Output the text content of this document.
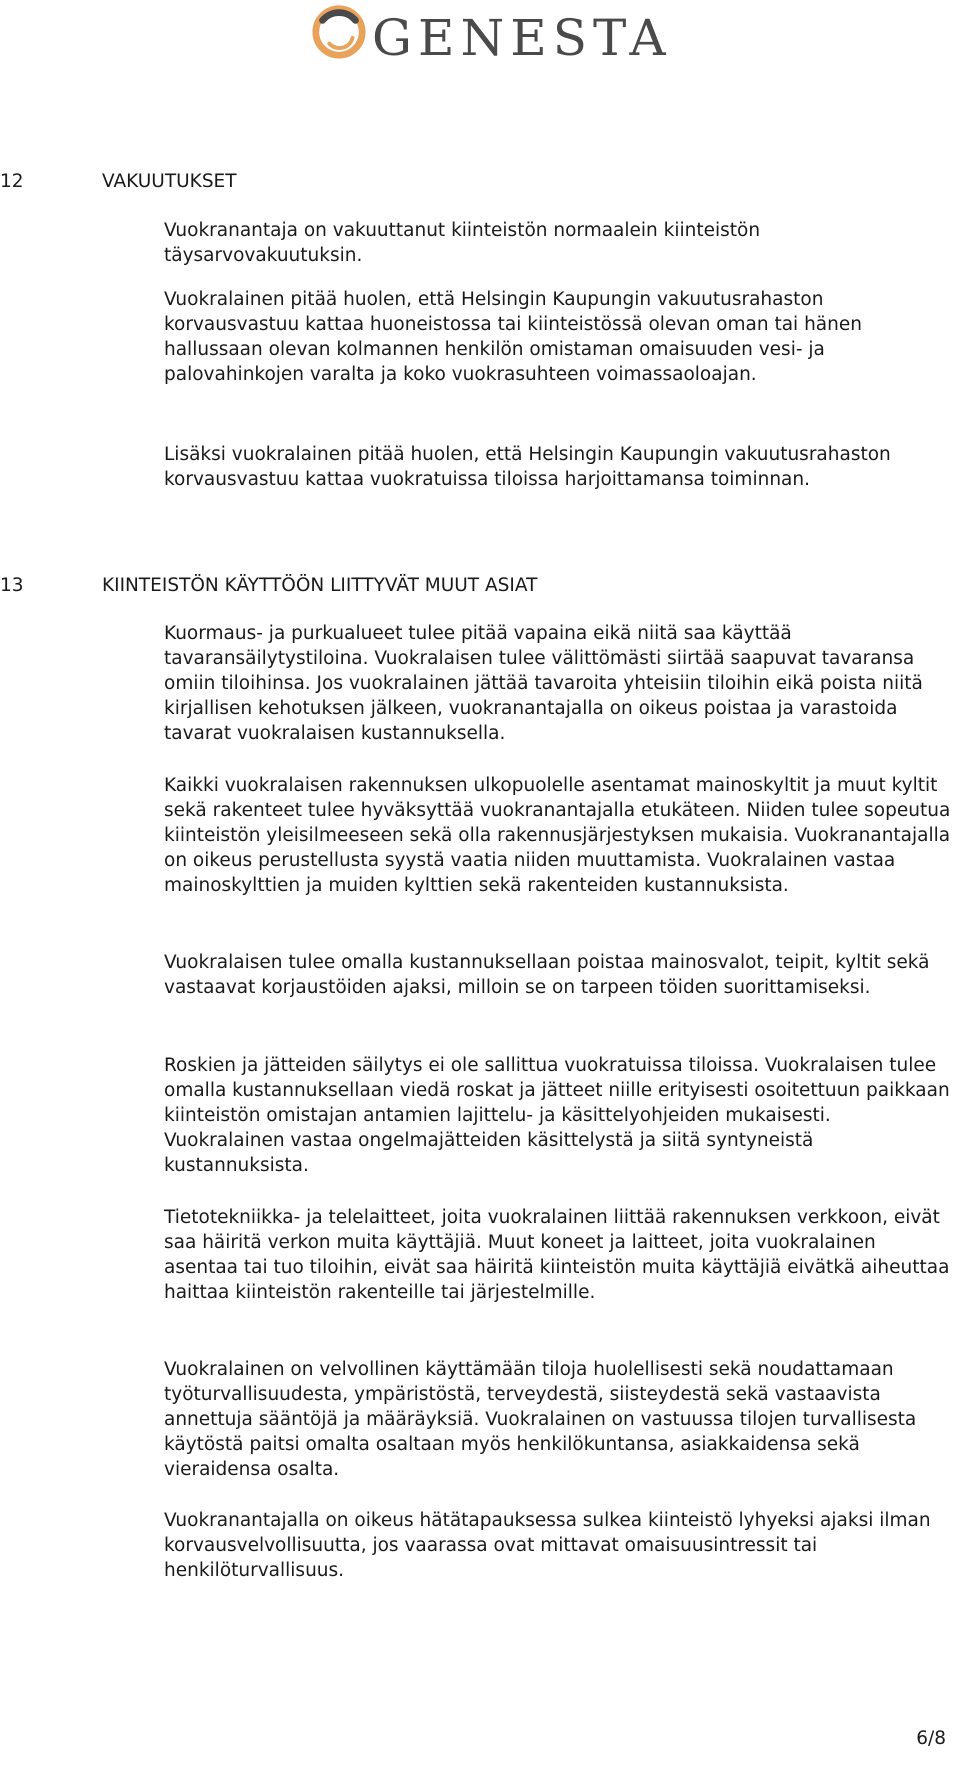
GENESTA
12	VAKUUTUKSET

Vuokranantaja on vakuuttanut kiinteistön normaalein kiinteistön täysarvovakuutuksin.

Vuokralainen pitää huolen, että Helsingin Kaupungin vakuutusrahaston korvausvastuu kattaa huoneistossa tai kiinteistössä olevan oman tai hänen hallussaan olevan kolmannen henkilön omistaman omaisuuden vesi- ja palovahinkojen varalta ja koko vuokrasuhteen voimassaoloajan.

Lisäksi vuokralainen pitää huolen, että Helsingin Kaupungin vakuutusrahaston korvausvastuu kattaa vuokratuissa tiloissa harjoittamansa toiminnan.

13	KIINTEISTÖN KÄYTTÖÖN LIITTYVÄT MUUT ASIAT

Kuormaus- ja purkualueet tulee pitää vapaina eikä niitä saa käyttää tavaransäilytystiloina. Vuokralaisen tulee välittömästi siirtää saapuvat tavaransa omiin tiloihinsa. Jos vuokralainen jättää tavaroita yhteisiin tiloihin eikä poista niitä kirjallisen kehotuksen jälkeen, vuokranantajalla on oikeus poistaa ja varastoida tavarat vuokralaisen kustannuksella.

Kaikki vuokralaisen rakennuksen ulkopuolelle asentamat mainoskyltit ja muut kyltit sekä rakenteet tulee hyväksyttää vuokranantajalla etukäteen. Niiden tulee sopeutua kiinteistön yleisilmeeseen sekä olla rakennusjärjestyksen mukaisia. Vuokranantajalla on oikeus perustellusta syystä vaatia niiden muuttamista. Vuokralainen vastaa mainoskylttien ja muiden kylttien sekä rakenteiden kustannuksista.

Vuokralaisen tulee omalla kustannuksellaan poistaa mainosvalot, teipit, kyltit sekä vastaavat korjaustöiden ajaksi, milloin se on tarpeen töiden suorittamiseksi.

Roskien ja jätteiden säilytys ei ole sallittua vuokratuissa tiloissa. Vuokralaisen tulee omalla kustannuksellaan viedä roskat ja jätteet niille erityisesti osoitettuun paikkaan kiinteistön omistajan antamien lajittelu- ja käsittelyohjeiden mukaisesti. Vuokralainen vastaa ongelmajätteiden käsittelystä ja siitä syntyneistä kustannuksista.

Tietotekniikka- ja telelaitteet, joita vuokralainen liittää rakennuksen verkkoon, eivät saa häiritä verkon muita käyttäjiä. Muut koneet ja laitteet, joita vuokralainen asentaa tai tuo tiloihin, eivät saa häiritä kiinteistön muita käyttäjiä eivätkä aiheuttaa haittaa kiinteistön rakenteille tai järjestelmille.

Vuokralainen on velvollinen käyttämään tiloja huolellisesti sekä noudattamaan työturvallisuudesta, ympäristöstä, terveydestä, siisteydestä sekä vastaavista annettuja sääntöjä ja määräyksiä. Vuokralainen on vastuussa tilojen turvallisesta käytöstä paitsi omalta osaltaan myös henkilökuntansa, asiakkaidensa sekä vieraidensa osalta.

Vuokranantajalla on oikeus hätätapauksessa sulkea kiinteistö lyhyeksi ajaksi ilman korvausvelvollisuutta, jos vaarassa ovat mittavat omaisuusintressit tai henkilöturvallisuus.

6/8
